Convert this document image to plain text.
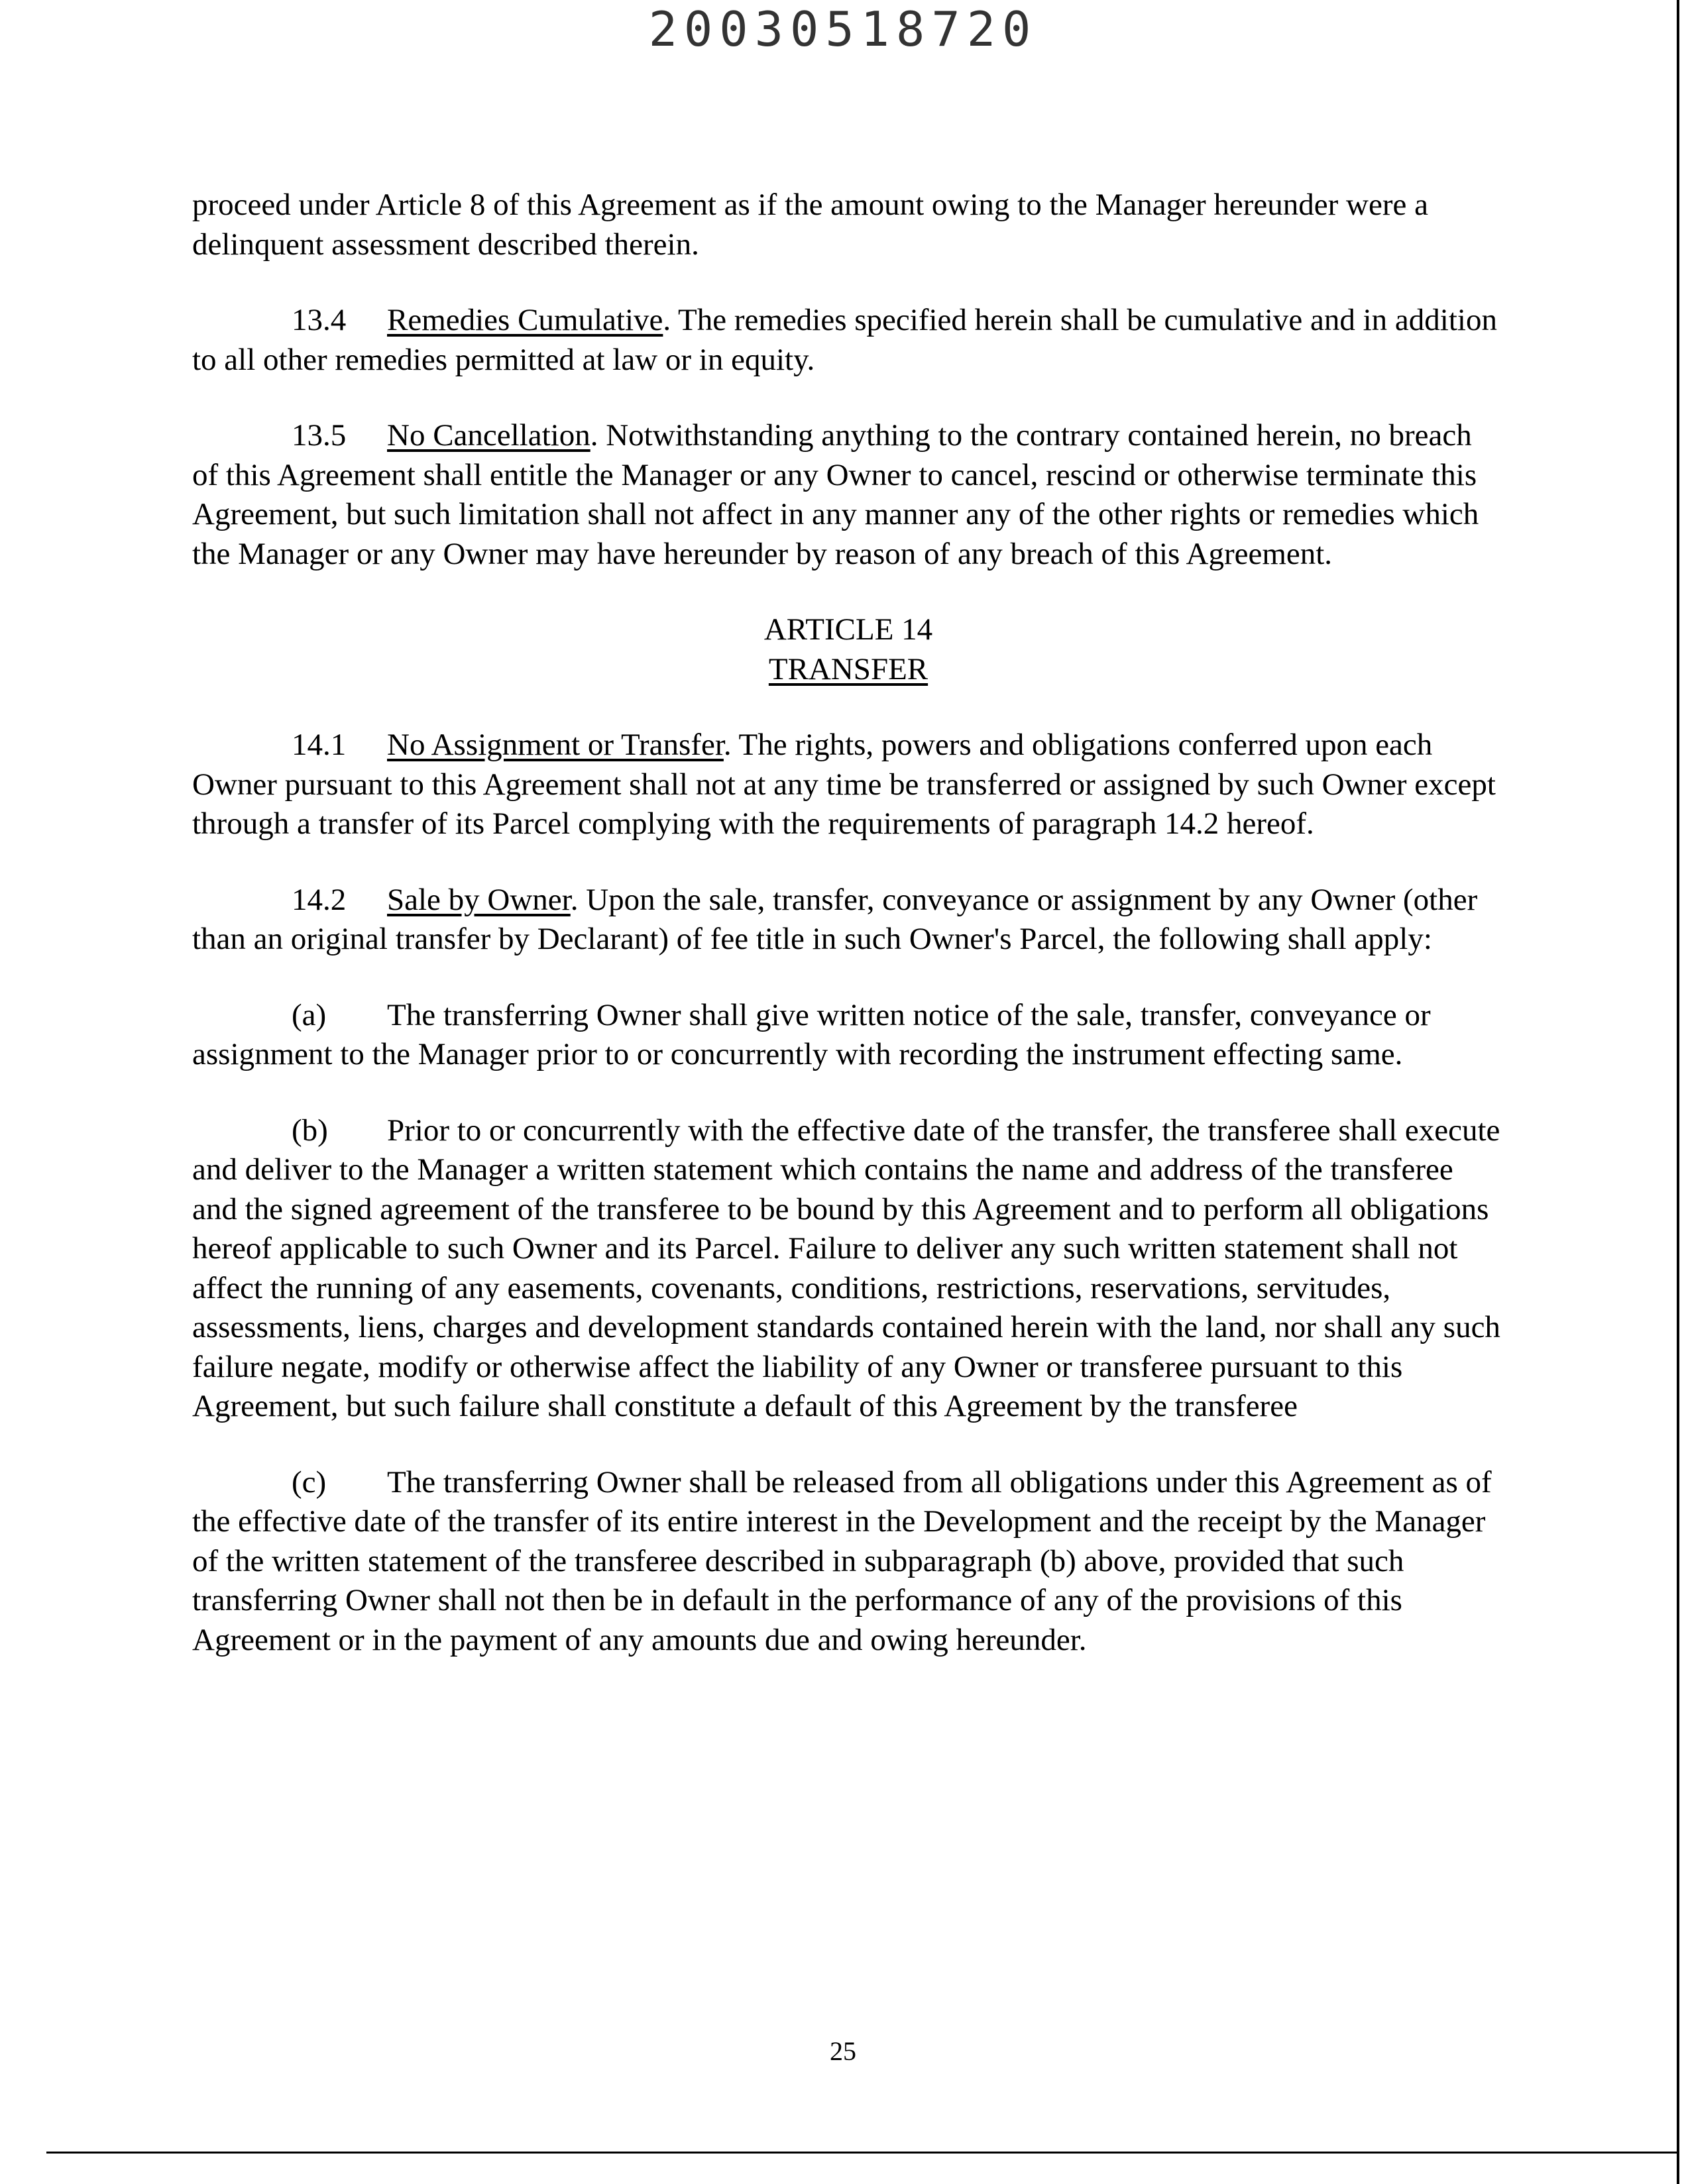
20030518720

proceed under Article 8 of this Agreement as if the amount owing to the Manager hereunder were a delinquent assessment described therein.

13.4 Remedies Cumulative. The remedies specified herein shall be cumulative and in addition to all other remedies permitted at law or in equity.

13.5 No Cancellation. Notwithstanding anything to the contrary contained herein, no breach of this Agreement shall entitle the Manager or any Owner to cancel, rescind or otherwise terminate this Agreement, but such limitation shall not affect in any manner any of the other rights or remedies which the Manager or any Owner may have hereunder by reason of any breach of this Agreement.

ARTICLE 14
TRANSFER

14.1 No Assignment or Transfer. The rights, powers and obligations conferred upon each Owner pursuant to this Agreement shall not at any time be transferred or assigned by such Owner except through a transfer of its Parcel complying with the requirements of paragraph 14.2 hereof.

14.2 Sale by Owner. Upon the sale, transfer, conveyance or assignment by any Owner (other than an original transfer by Declarant) of fee title in such Owner's Parcel, the following shall apply:

(a) The transferring Owner shall give written notice of the sale, transfer, conveyance or assignment to the Manager prior to or concurrently with recording the instrument effecting same.

(b) Prior to or concurrently with the effective date of the transfer, the transferee shall execute and deliver to the Manager a written statement which contains the name and address of the transferee and the signed agreement of the transferee to be bound by this Agreement and to perform all obligations hereof applicable to such Owner and its Parcel. Failure to deliver any such written statement shall not affect the running of any easements, covenants, conditions, restrictions, reservations, servitudes, assessments, liens, charges and development standards contained herein with the land, nor shall any such failure negate, modify or otherwise affect the liability of any Owner or transferee pursuant to this Agreement, but such failure shall constitute a default of this Agreement by the transferee

(c) The transferring Owner shall be released from all obligations under this Agreement as of the effective date of the transfer of its entire interest in the Development and the receipt by the Manager of the written statement of the transferee described in subparagraph (b) above, provided that such transferring Owner shall not then be in default in the performance of any of the provisions of this Agreement or in the payment of any amounts due and owing hereunder.

25
